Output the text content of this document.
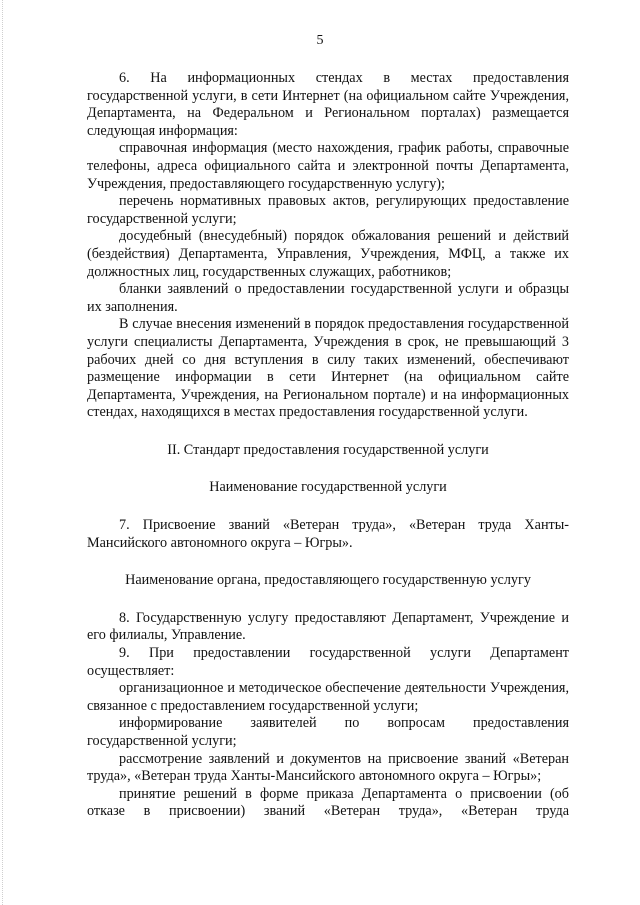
5

6. На информационных стендах в местах предоставления государственной услуги, в сети Интернет (на официальном сайте Учреждения, Департамента, на Федеральном и Региональном порталах) размещается следующая информация:

справочная информация (место нахождения, график работы, справочные телефоны, адреса официального сайта и электронной почты Департамента, Учреждения, предоставляющего государственную услугу);

перечень нормативных правовых актов, регулирующих предоставление государственной услуги;

досудебный (внесудебный) порядок обжалования решений и действий (бездействия) Департамента, Управления, Учреждения, МФЦ, а также их должностных лиц, государственных служащих, работников;

бланки заявлений о предоставлении государственной услуги и образцы их заполнения.

В случае внесения изменений в порядок предоставления государственной услуги специалисты Департамента, Учреждения в срок, не превышающий 3 рабочих дней со дня вступления в силу таких изменений, обеспечивают размещение информации в сети Интернет (на официальном сайте Департамента, Учреждения, на Региональном портале) и на информационных стендах, находящихся в местах предоставления государственной услуги.

II. Стандарт предоставления государственной услуги

Наименование государственной услуги

7. Присвоение званий «Ветеран труда», «Ветеран труда Ханты-Мансийского автономного округа – Югры».

Наименование органа, предоставляющего государственную услугу

8. Государственную услугу предоставляют Департамент, Учреждение и его филиалы, Управление.

9. При предоставлении государственной услуги Департамент осуществляет:

организационное и методическое обеспечение деятельности Учреждения, связанное с предоставлением государственной услуги;

информирование заявителей по вопросам предоставления государственной услуги;

рассмотрение заявлений и документов на присвоение званий «Ветеран труда», «Ветеран труда Ханты-Мансийского автономного округа – Югры»;

принятие решений в форме приказа Департамента о присвоении (об отказе в присвоении) званий «Ветеран труда», «Ветеран труда
